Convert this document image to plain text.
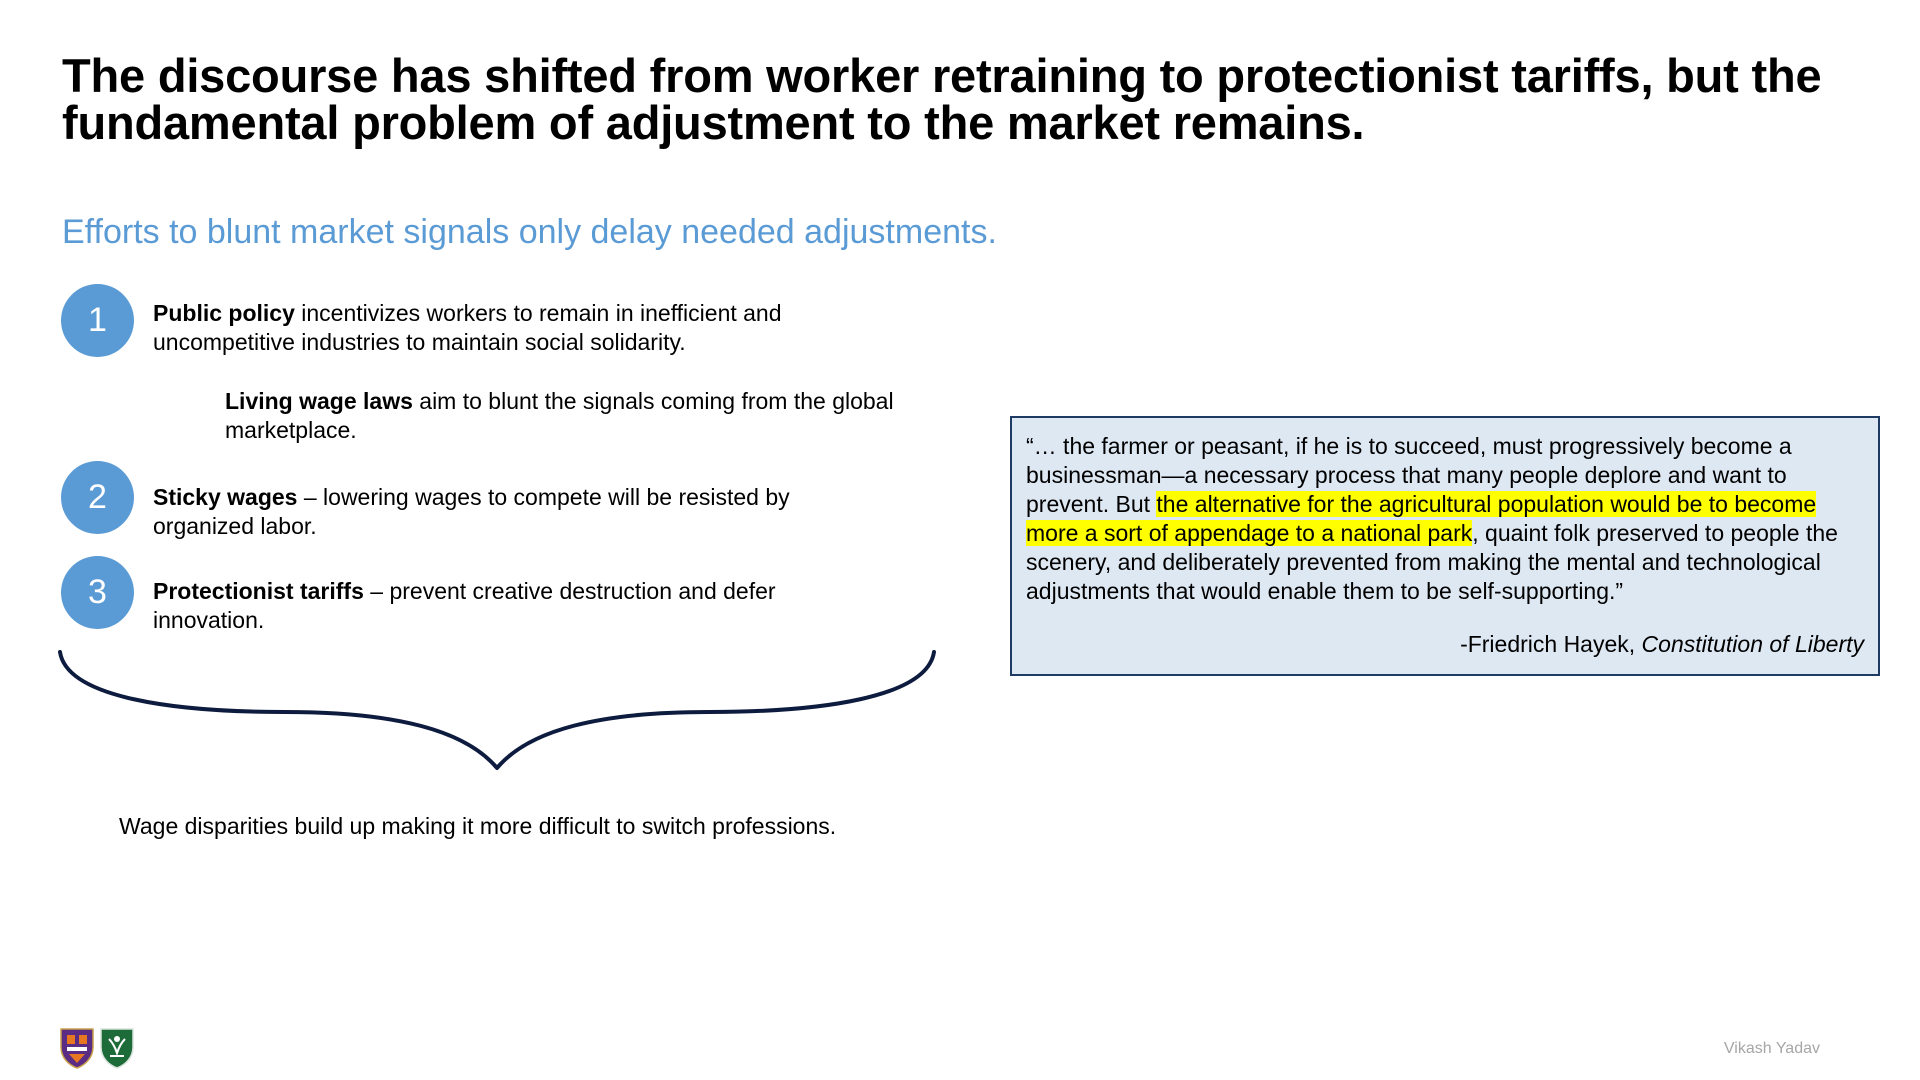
The discourse has shifted from worker retraining to protectionist tariffs, but the fundamental problem of adjustment to the market remains.
Efforts to blunt market signals only delay needed adjustments.
1	Public policy incentivizes workers to remain in inefficient and uncompetitive industries to maintain social solidarity.
Living wage laws aim to blunt the signals coming from the global marketplace.
2	Sticky wages – lowering wages to compete will be resisted by organized labor.
3	Protectionist tariffs – prevent creative destruction and defer innovation.
Wage disparities build up making it more difficult to switch professions.
“… the farmer or peasant, if he is to succeed, must progressively become a businessman—a necessary process that many people deplore and want to prevent. But the alternative for the agricultural population would be to become more a sort of appendage to a national park, quaint folk preserved to people the scenery, and deliberately prevented from making the mental and technological adjustments that would enable them to be self-supporting.”
-Friedrich Hayek, Constitution of Liberty
Vikash Yadav
